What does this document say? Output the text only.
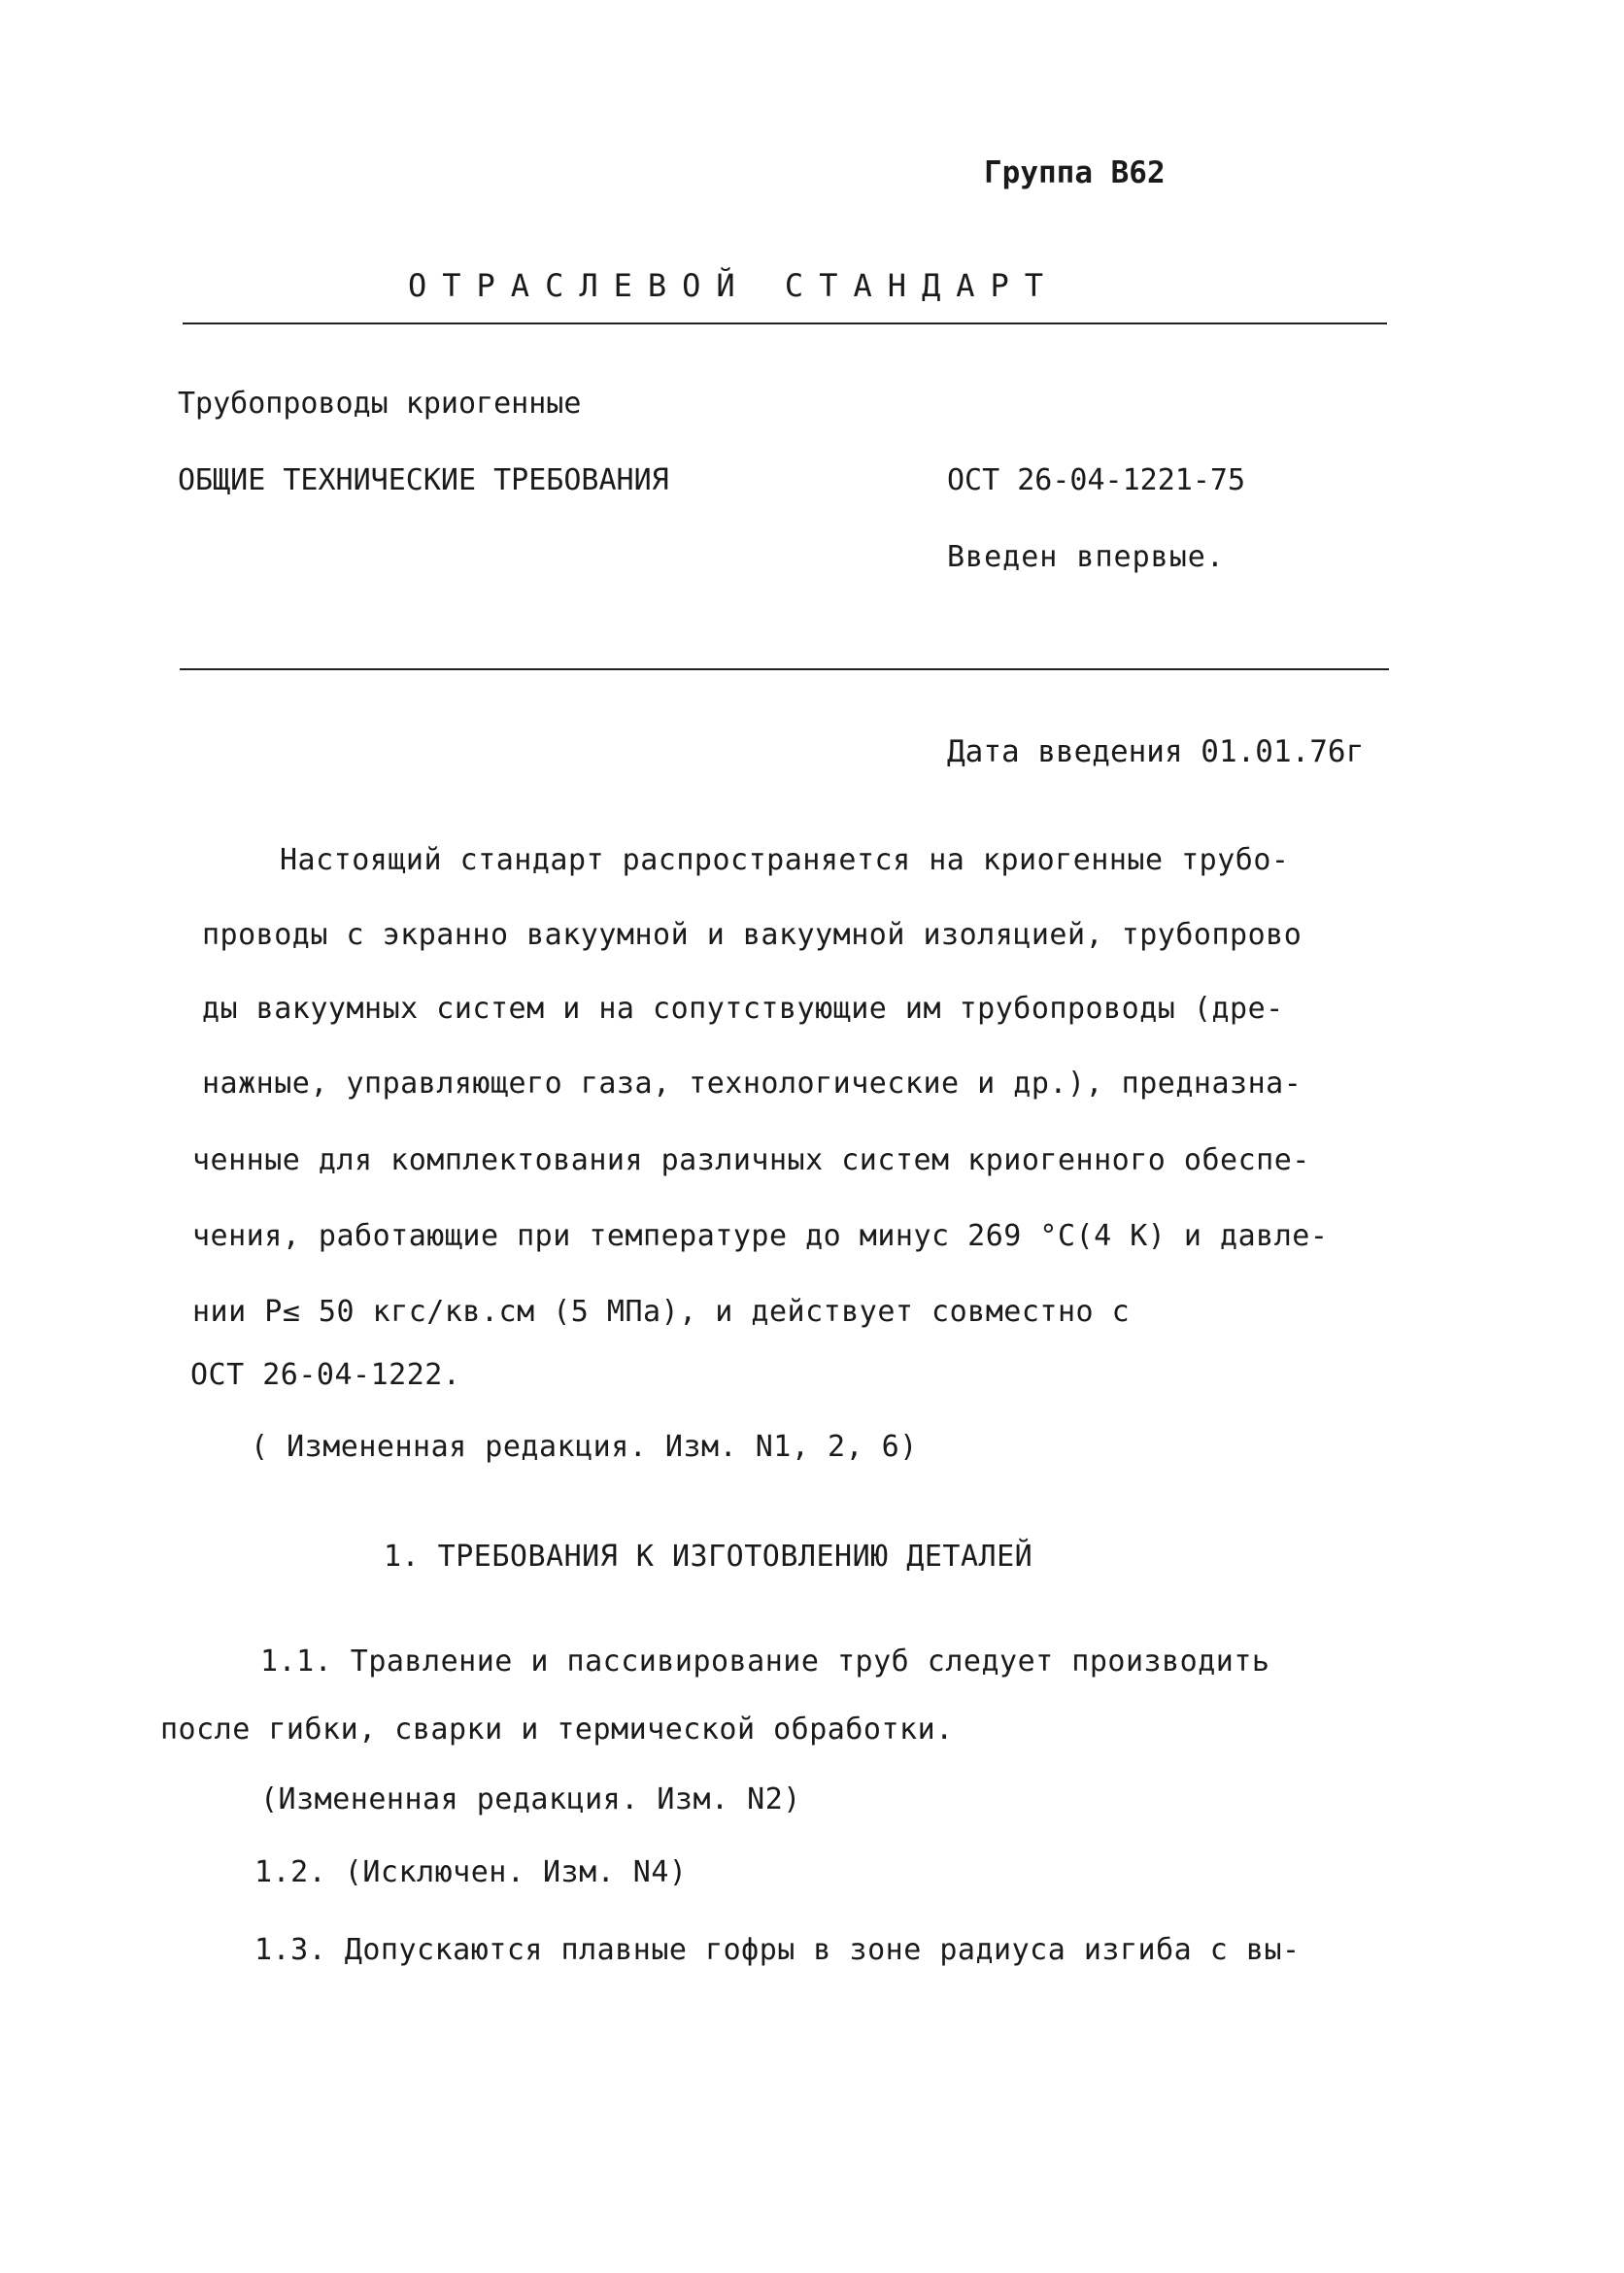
Группа В62
ОТРАСЛЕВОЙ СТАНДАРТ
Трубопроводы криогенные
ОБЩИЕ ТЕХНИЧЕСКИЕ ТРЕБОВАНИЯ	ОСТ 26-04-1221-75
Введен впервые.
Дата введения 01.01.76г
Настоящий стандарт распространяется на криогенные трубо-
проводы с экранно вакуумной и вакуумной изоляцией, трубопрово
ды вакуумных систем и на сопутствующие им трубопроводы (дре-
нажные, управляющего газа, технологические и др.), предназна-
ченные для комплектования различных систем криогенного обеспе-
чения, работающие при температуре до минус 269 °С(4 К) и давле-
нии Р≤ 50 кгс/кв.см (5 МПа), и действует совместно с
ОСТ 26-04-1222.
( Измененная редакция. Изм. N1, 2, 6)
1. ТРЕБОВАНИЯ К ИЗГОТОВЛЕНИЮ ДЕТАЛЕЙ
1.1. Травление и пассивирование труб следует производить
после гибки, сварки и термической обработки.
(Измененная редакция. Изм. N2)
1.2. (Исключен. Изм. N4)
1.3. Допускаются плавные гофры в зоне радиуса изгиба с вы-
